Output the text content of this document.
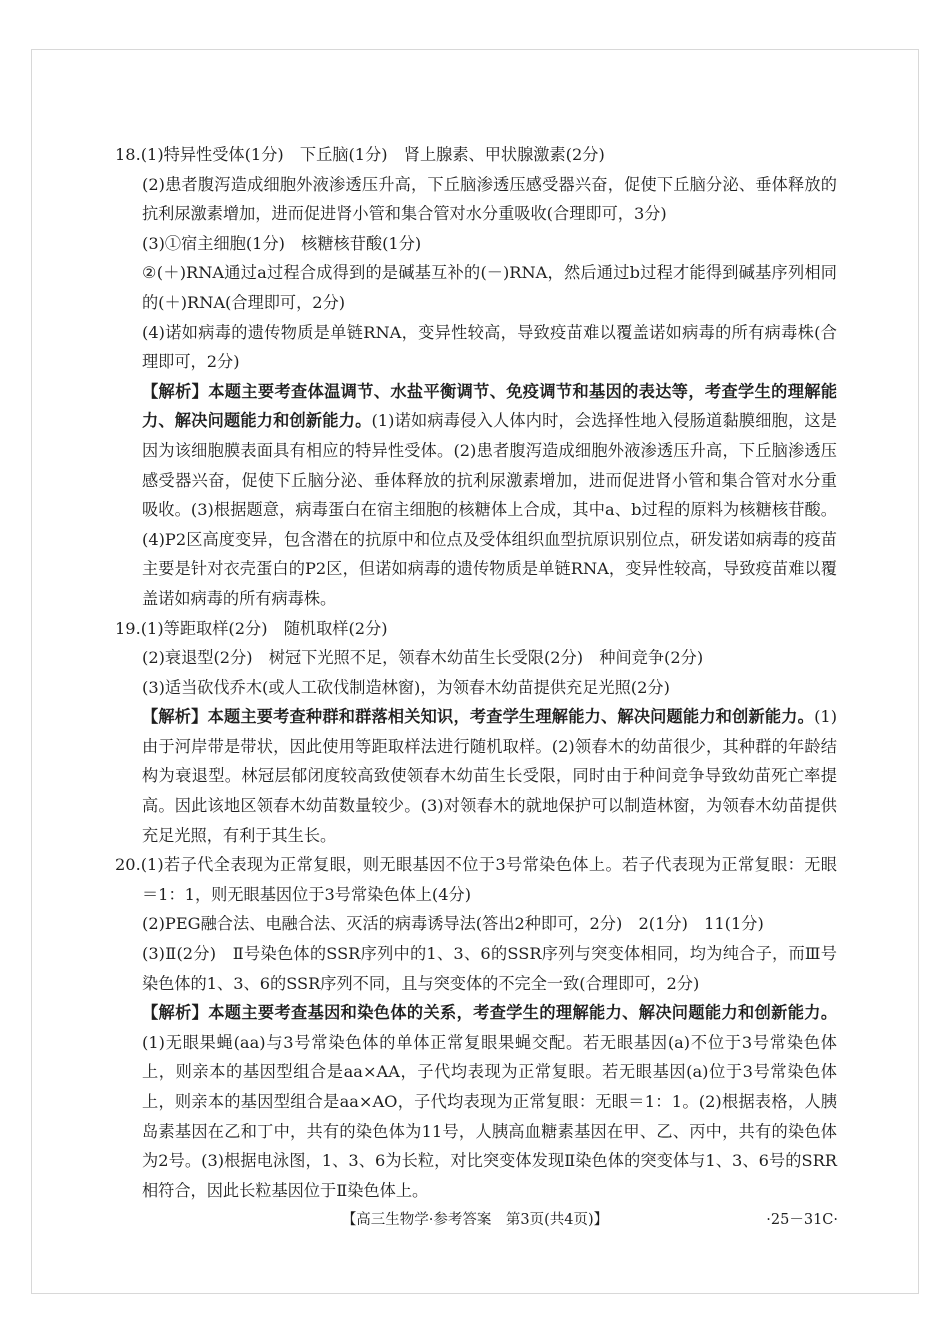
18.(1)特异性受体(1分)　下丘脑(1分)　肾上腺素、甲状腺激素(2分)

(2)患者腹泻造成细胞外液渗透压升高，下丘脑渗透压感受器兴奋，促使下丘脑分泌、垂体释放的抗利尿激素增加，进而促进肾小管和集合管对水分重吸收(合理即可，3分)

(3)①宿主细胞(1分)　核糖核苷酸(1分)

②(＋)RNA通过a过程合成得到的是碱基互补的(－)RNA，然后通过b过程才能得到碱基序列相同的(＋)RNA(合理即可，2分)

(4)诺如病毒的遗传物质是单链RNA，变异性较高，导致疫苗难以覆盖诺如病毒的所有病毒株(合理即可，2分)

【解析】本题主要考查体温调节、水盐平衡调节、免疫调节和基因的表达等，考查学生的理解能力、解决问题能力和创新能力。(1)诺如病毒侵入人体内时，会选择性地入侵肠道黏膜细胞，这是因为该细胞膜表面具有相应的特异性受体。(2)患者腹泻造成细胞外液渗透压升高，下丘脑渗透压感受器兴奋，促使下丘脑分泌、垂体释放的抗利尿激素增加，进而促进肾小管和集合管对水分重吸收。(3)根据题意，病毒蛋白在宿主细胞的核糖体上合成，其中a、b过程的原料为核糖核苷酸。(4)P2区高度变异，包含潜在的抗原中和位点及受体组织血型抗原识别位点，研发诺如病毒的疫苗主要是针对衣壳蛋白的P2区，但诺如病毒的遗传物质是单链RNA，变异性较高，导致疫苗难以覆盖诺如病毒的所有病毒株。

19.(1)等距取样(2分)　随机取样(2分)

(2)衰退型(2分)　树冠下光照不足，领春木幼苗生长受限(2分)　种间竞争(2分)

(3)适当砍伐乔木(或人工砍伐制造林窗)，为领春木幼苗提供充足光照(2分)

【解析】本题主要考查种群和群落相关知识，考查学生理解能力、解决问题能力和创新能力。(1)由于河岸带是带状，因此使用等距取样法进行随机取样。(2)领春木的幼苗很少，其种群的年龄结构为衰退型。林冠层郁闭度较高致使领春木幼苗生长受限，同时由于种间竞争导致幼苗死亡率提高。因此该地区领春木幼苗数量较少。(3)对领春木的就地保护可以制造林窗，为领春木幼苗提供充足光照，有利于其生长。

20.(1)若子代全表现为正常复眼，则无眼基因不位于3号常染色体上。若子代表现为正常复眼：无眼＝1：1，则无眼基因位于3号常染色体上(4分)

(2)PEG融合法、电融合法、灭活的病毒诱导法(答出2种即可，2分)　2(1分)　11(1分)

(3)Ⅱ(2分)　Ⅱ号染色体的SSR序列中的1、3、6的SSR序列与突变体相同，均为纯合子，而Ⅲ号染色体的1、3、6的SSR序列不同，且与突变体的不完全一致(合理即可，2分)

【解析】本题主要考查基因和染色体的关系，考查学生的理解能力、解决问题能力和创新能力。(1)无眼果蝇(aa)与3号常染色体的单体正常复眼果蝇交配。若无眼基因(a)不位于3号常染色体上，则亲本的基因型组合是aa×AA，子代均表现为正常复眼。若无眼基因(a)位于3号常染色体上，则亲本的基因型组合是aa×AO，子代均表现为正常复眼：无眼＝1：1。(2)根据表格，人胰岛素基因在乙和丁中，共有的染色体为11号，人胰高血糖素基因在甲、乙、丙中，共有的染色体为2号。(3)根据电泳图，1、3、6为长粒，对比突变体发现Ⅱ染色体的突变体与1、3、6号的SRR相符合，因此长粒基因位于Ⅱ染色体上。

【高三生物学·参考答案　第3页(共4页)】	·25－31C·
